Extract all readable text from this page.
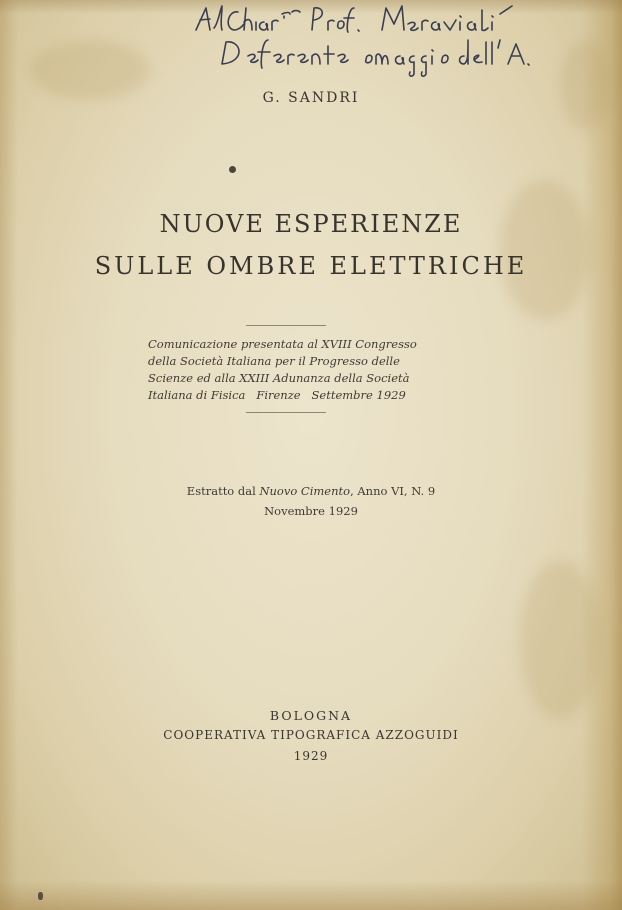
G. SANDRI
NUOVE ESPERIENZE
SULLE OMBRE ELETTRICHE
Comunicazione presentata al XVIII Congresso
della Società Italiana per il Progresso delle
Scienze ed alla XXIII Adunanza della Società
Italiana di Fisica   Firenze   Settembre 1929
Estratto dal Nuovo Cimento, Anno VI, N. 9
Novembre 1929
BOLOGNA
COOPERATIVA TIPOGRAFICA AZZOGUIDI
1929
